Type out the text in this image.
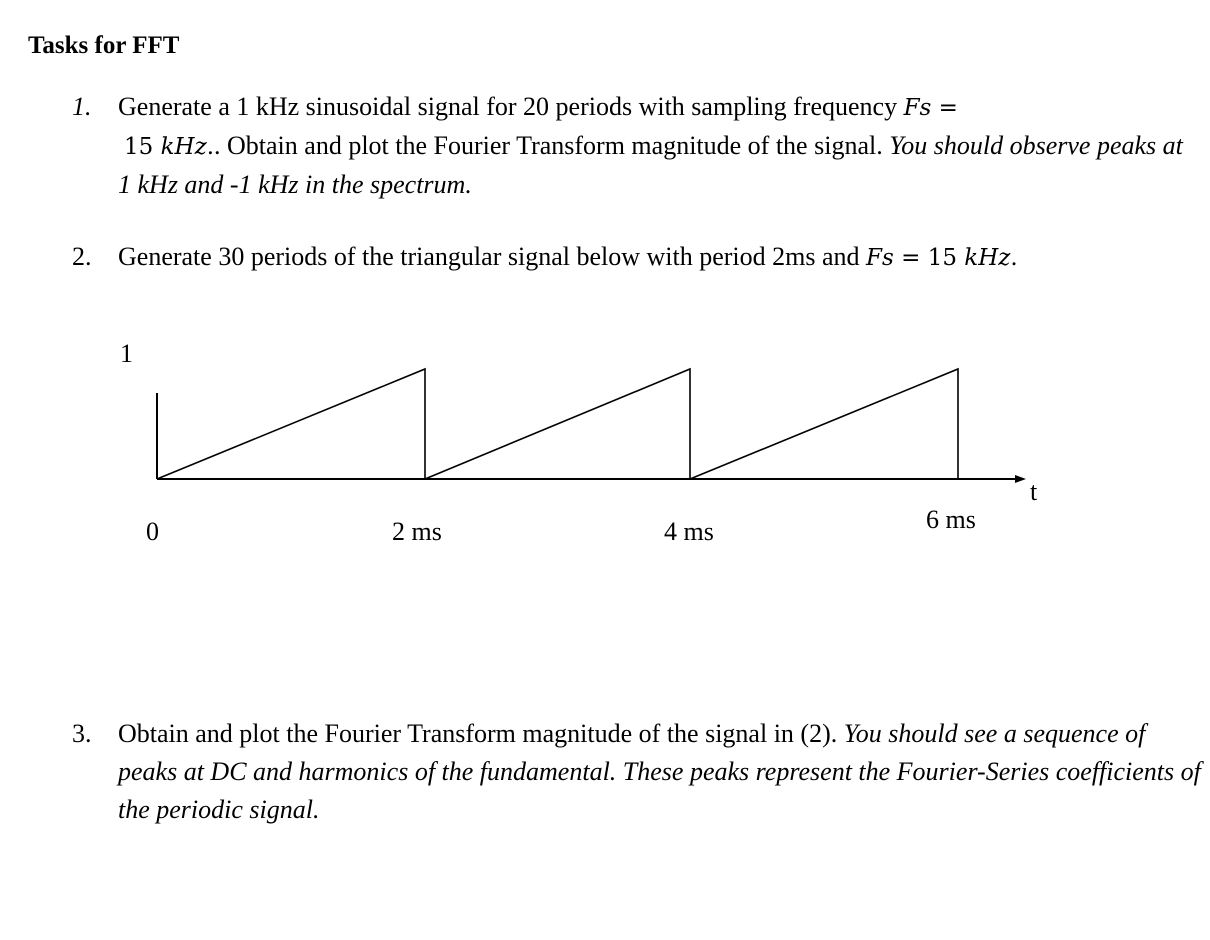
Tasks for FFT
1. Generate a 1 kHz sinusoidal signal for 20 periods with sampling frequency Fs =
15 kHz.. Obtain and plot the Fourier Transform magnitude of the signal. You should observe peaks at 1 kHz and -1 kHz in the spectrum.
2. Generate 30 periods of the triangular signal below with period 2ms and Fs = 15 kHz.
1
t
0	2 ms	4 ms	6 ms
3. Obtain and plot the Fourier Transform magnitude of the signal in (2). You should see a sequence of peaks at DC and harmonics of the fundamental. These peaks represent the Fourier-Series coefficients of the periodic signal.
